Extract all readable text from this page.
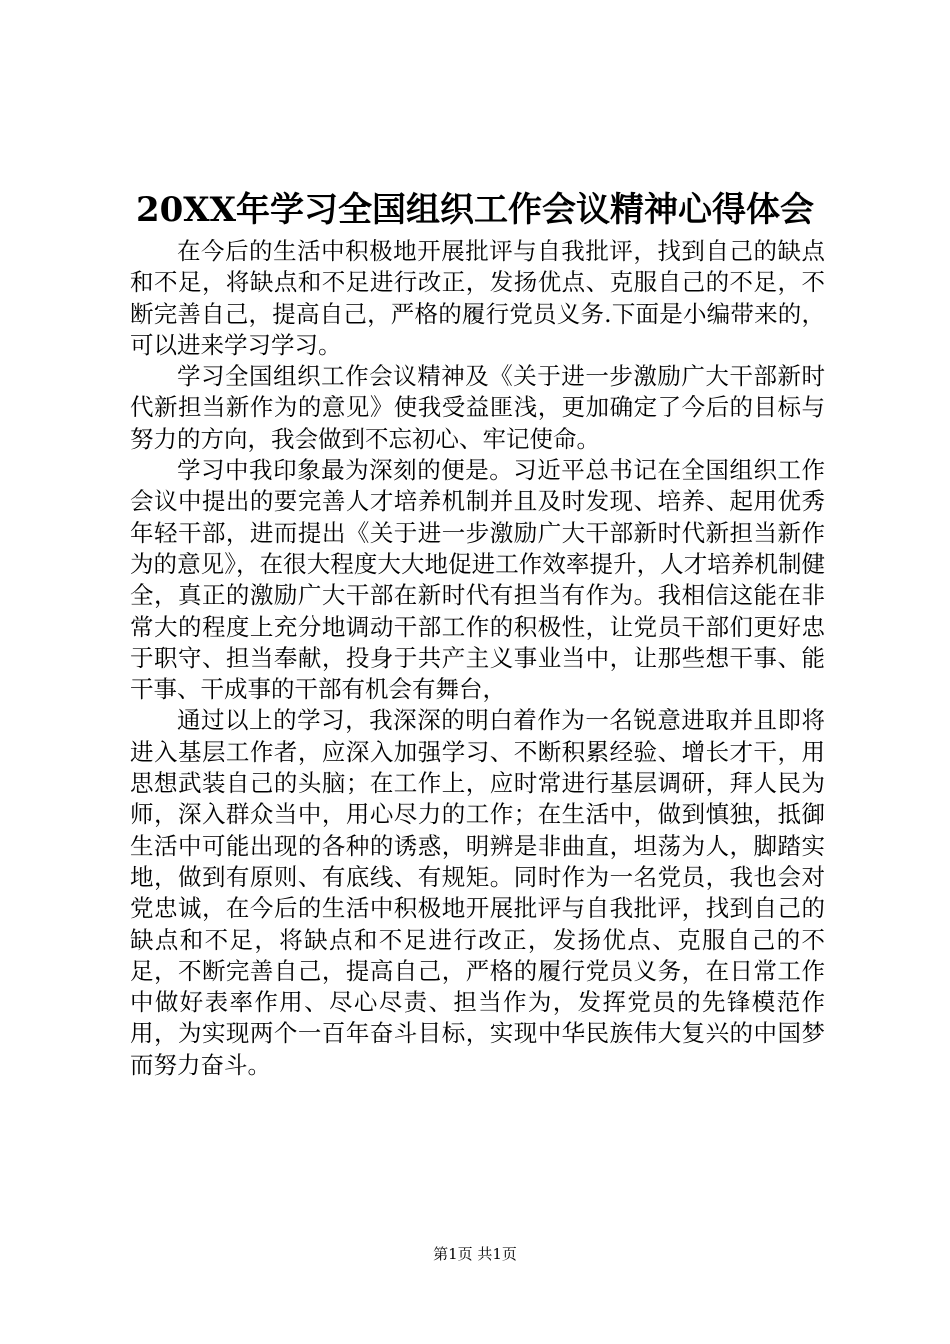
20XX年学习全国组织工作会议精神心得体会

在今后的生活中积极地开展批评与自我批评，找到自己的缺点和不足，将缺点和不足进行改正，发扬优点、克服自己的不足，不断完善自己，提高自己，严格的履行党员义务.下面是小编带来的，可以进来学习学习。

学习全国组织工作会议精神及《关于进一步激励广大干部新时代新担当新作为的意见》使我受益匪浅，更加确定了今后的目标与努力的方向，我会做到不忘初心、牢记使命。

学习中我印象最为深刻的便是。习近平总书记在全国组织工作会议中提出的要完善人才培养机制并且及时发现、培养、起用优秀年轻干部，进而提出《关于进一步激励广大干部新时代新担当新作为的意见》，在很大程度大大地促进工作效率提升，人才培养机制健全，真正的激励广大干部在新时代有担当有作为。我相信这能在非常大的程度上充分地调动干部工作的积极性，让党员干部们更好忠于职守、担当奉献，投身于共产主义事业当中，让那些想干事、能干事、干成事的干部有机会有舞台，

通过以上的学习，我深深的明白着作为一名锐意进取并且即将进入基层工作者，应深入加强学习、不断积累经验、增长才干，用思想武装自己的头脑；在工作上，应时常进行基层调研，拜人民为师，深入群众当中，用心尽力的工作；在生活中，做到慎独，抵御生活中可能出现的各种的诱惑，明辨是非曲直，坦荡为人，脚踏实地，做到有原则、有底线、有规矩。同时作为一名党员，我也会对党忠诚，在今后的生活中积极地开展批评与自我批评，找到自己的缺点和不足，将缺点和不足进行改正，发扬优点、克服自己的不足，不断完善自己，提高自己，严格的履行党员义务，在日常工作中做好表率作用、尽心尽责、担当作为，发挥党员的先锋模范作用，为实现两个一百年奋斗目标，实现中华民族伟大复兴的中国梦而努力奋斗。

第1页 共1页
